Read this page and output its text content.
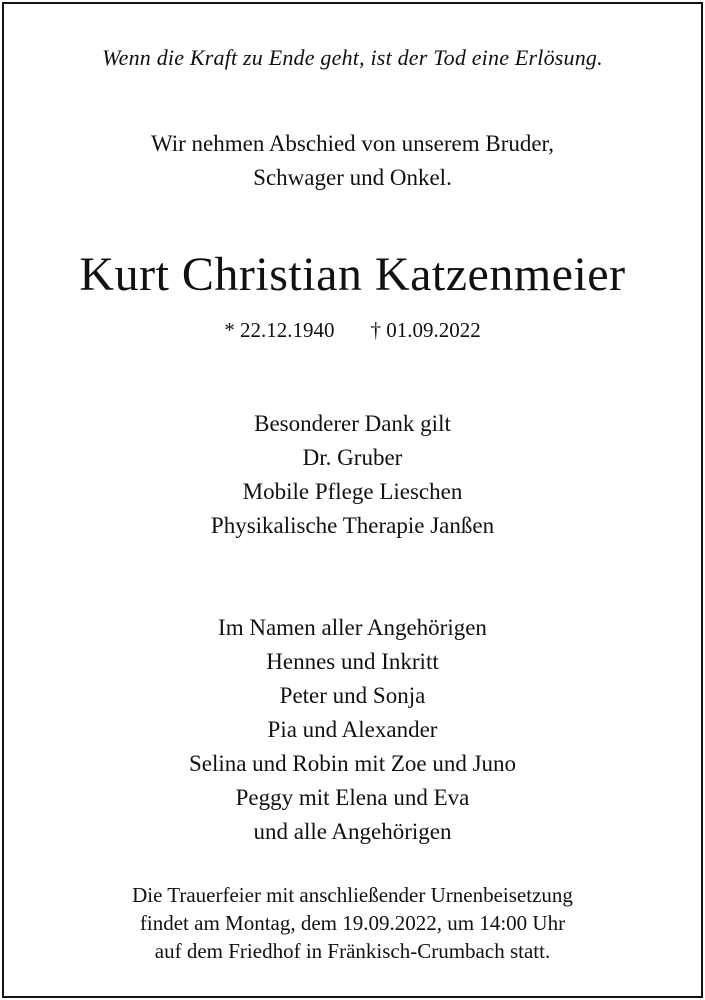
Wenn die Kraft zu Ende geht, ist der Tod eine Erlösung.
Wir nehmen Abschied von unserem Bruder,
Schwager und Onkel.
Kurt Christian Katzenmeier
* 22.12.1940 † 01.09.2022
Besonderer Dank gilt
Dr. Gruber
Mobile Pflege Lieschen
Physikalische Therapie Janßen
Im Namen aller Angehörigen
Hennes und Inkritt
Peter und Sonja
Pia und Alexander
Selina und Robin mit Zoe und Juno
Peggy mit Elena und Eva
und alle Angehörigen
Die Trauerfeier mit anschließender Urnenbeisetzung
findet am Montag, dem 19.09.2022, um 14:00 Uhr
auf dem Friedhof in Fränkisch-Crumbach statt.
